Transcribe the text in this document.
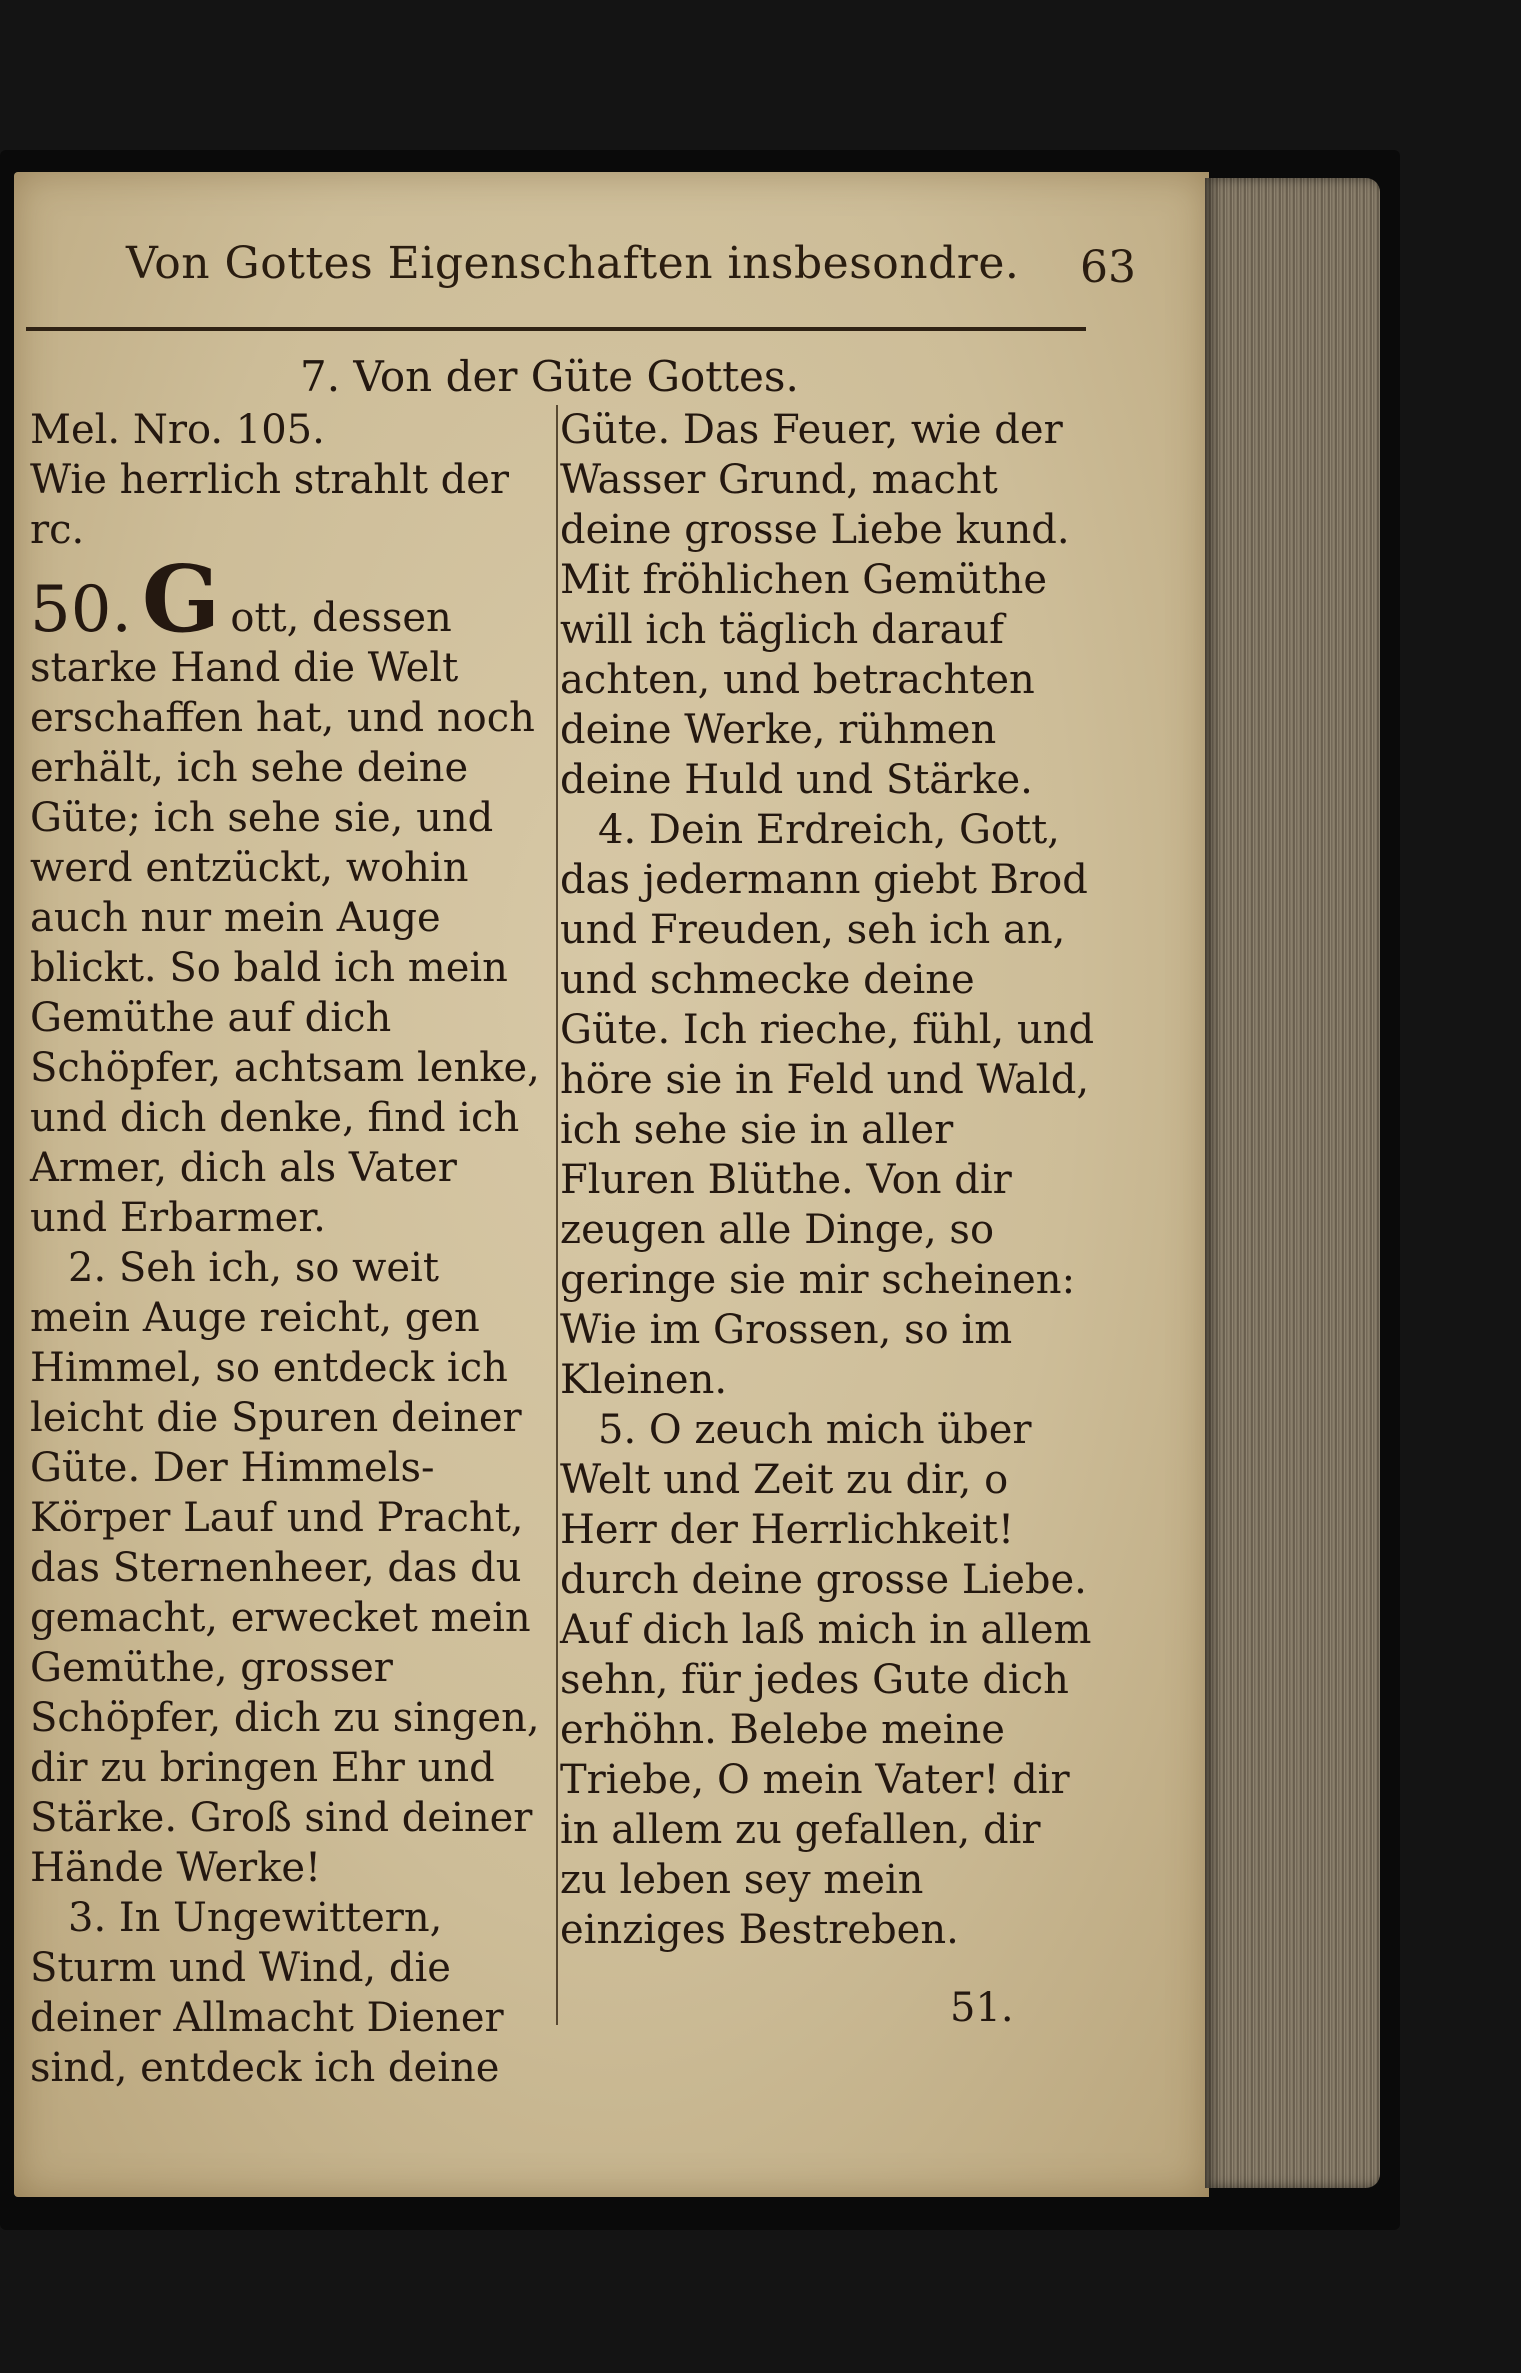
Von Gottes Eigenschaften insbesondre. 63
7. Von der Güte Gottes.

Mel. Nro. 105.

Wie herrlich strahlt der rc.

50. G ott, dessen starke Hand die Welt erschaffen hat, und noch erhält, ich sehe deine Güte; ich sehe sie, und werd entzückt, wohin auch nur mein Auge blickt. So bald ich mein Gemüthe auf dich Schöpfer, achtsam lenke, und dich denke, find ich Armer, dich als Vater und Erbarmer.

2. Seh ich, so weit mein Auge reicht, gen Himmel, so entdeck ich leicht die Spuren deiner Güte. Der Himmels-Körper Lauf und Pracht, das Sternenheer, das du gemacht, erwecket mein Gemüthe, grosser Schöpfer, dich zu singen, dir zu bringen Ehr und Stärke. Groß sind deiner Hände Werke!

3. In Ungewittern, Sturm und Wind, die deiner Allmacht Diener sind, entdeck ich deine

Güte. Das Feuer, wie der Wasser Grund, macht deine grosse Liebe kund. Mit fröhlichen Gemüthe will ich täglich darauf achten, und betrachten deine Werke, rühmen deine Huld und Stärke.

4. Dein Erdreich, Gott, das jedermann giebt Brod und Freuden, seh ich an, und schmecke deine Güte. Ich rieche, fühl, und höre sie in Feld und Wald, ich sehe sie in aller Fluren Blüthe. Von dir zeugen alle Dinge, so geringe sie mir scheinen: Wie im Grossen, so im Kleinen.

5. O zeuch mich über Welt und Zeit zu dir, o Herr der Herrlichkeit! durch deine grosse Liebe. Auf dich laß mich in allem sehn, für jedes Gute dich erhöhn. Belebe meine Triebe, O mein Vater! dir in allem zu gefallen, dir zu leben sey mein einziges Bestreben.

51.
